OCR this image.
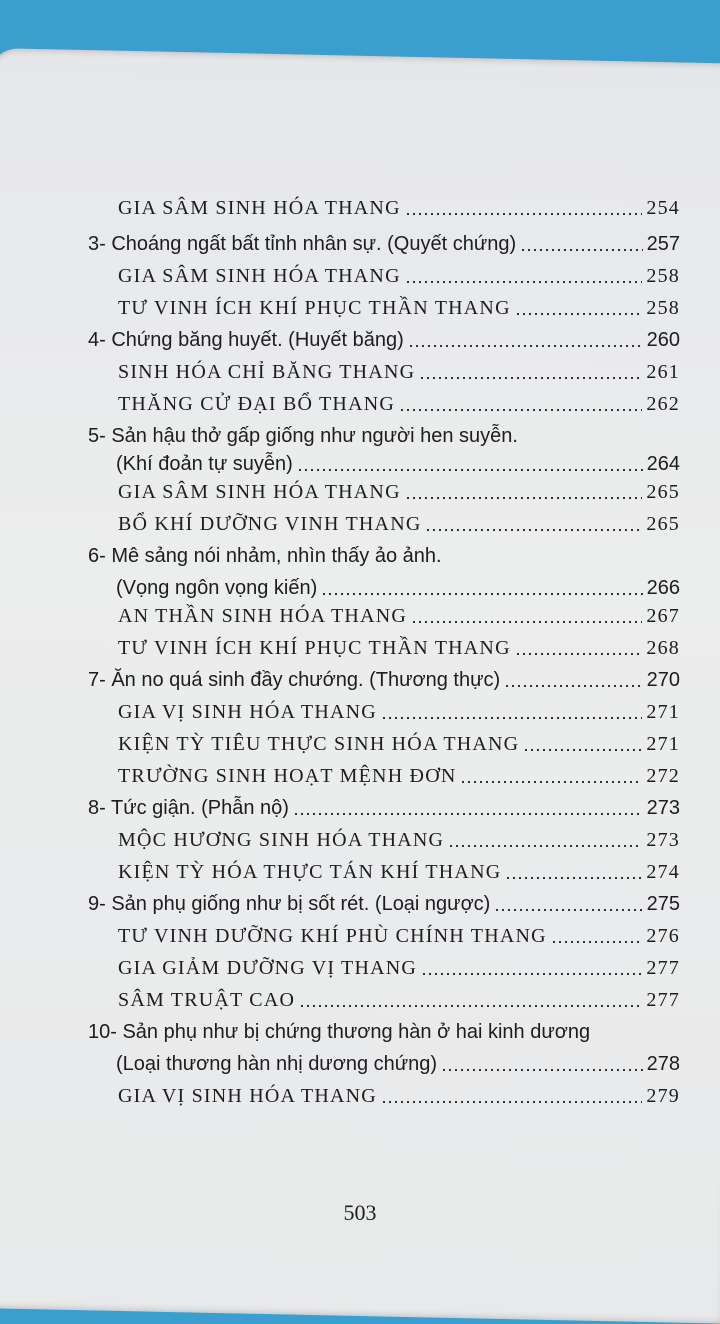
GIA SÂM SINH HÓA THANG	254
3- Choáng ngất bất tỉnh nhân sự. (Quyết chứng)	257
GIA SÂM SINH HÓA THANG	258
TƯ VINH ÍCH KHÍ PHỤC THẦN THANG	258
4- Chứng băng huyết. (Huyết băng)	260
SINH HÓA CHỈ BĂNG THANG	261
THĂNG CỬ ĐẠI BỔ THANG	262
5- Sản hậu thở gấp giống như người hen suyễn.
(Khí đoản tự suyễn)	264
GIA SÂM SINH HÓA THANG	265
BỔ KHÍ DƯỠNG VINH THANG	265
6- Mê sảng nói nhảm, nhìn thấy ảo ảnh.
(Vọng ngôn vọng kiến)	266
AN THẦN SINH HÓA THANG	267
TƯ VINH ÍCH KHÍ PHỤC THẦN THANG	268
7- Ăn no quá sinh đầy chướng. (Thương thực)	270
GIA VỊ SINH HÓA THANG	271
KIỆN TỲ TIÊU THỰC SINH HÓA THANG	271
TRƯỜNG SINH HOẠT MỆNH ĐƠN	272
8- Tức giận. (Phẫn nộ)	273
MỘC HƯƠNG SINH HÓA THANG	273
KIỆN TỲ HÓA THỰC TÁN KHÍ THANG	274
9- Sản phụ giống như bị sốt rét. (Loại ngược)	275
TƯ VINH DƯỠNG KHÍ PHÙ CHÍNH THANG	276
GIA GIẢM DƯỠNG VỊ THANG	277
SÂM TRUẬT CAO	277
10- Sản phụ như bị chứng thương hàn ở hai kinh dương
(Loại thương hàn nhị dương chứng)	278
GIA VỊ SINH HÓA THANG	279
503
